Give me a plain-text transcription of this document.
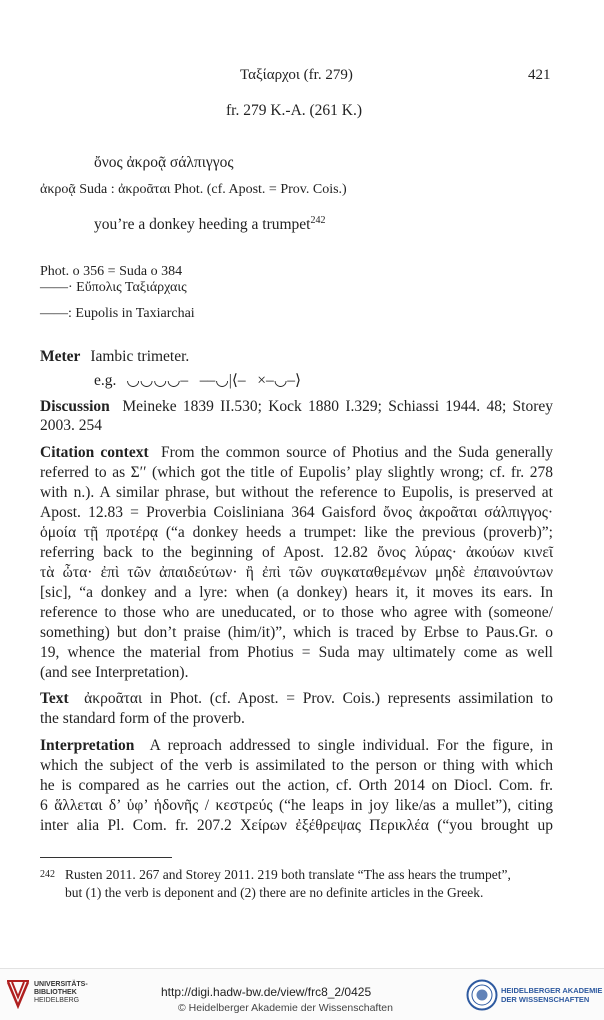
Ταξίαρχοι (fr. 279)	421
fr. 279 K.-A. (261 K.)
ὄνος ἀκροᾷ σάλπιγγος
ἀκροᾷ Suda : ἀκροᾶται Phot. (cf. Apost. = Prov. Cois.)
you’re a donkey heeding a trumpet$^{242}$
Phot. o 356 = Suda o 384
——· Εὔπολις Ταξιάρχαις
——: Eupolis in Taxiarchai
Meter Iambic trimeter.
e.g. ◡◡◡◡–   ––◡|⟨–   ×–◡–⟩
Discussion Meineke 1839 II.530; Kock 1880 I.329; Schiassi 1944. 48; Storey
2003. 254
Citation context From the common source of Photius and the Suda generally
referred to as Σ′′ (which got the title of Eupolis’ play slightly wrong; cf. fr. 278
with n.). A similar phrase, but without the reference to Eupolis, is preserved at
Apost. 12.83 = Proverbia Coisliniana 364 Gaisford ὄνος ἀκροᾶται σάλπιγγος·
ὁμοία τῇ προτέρᾳ (“a donkey heeds a trumpet: like the previous (proverb)”;
referring back to the beginning of Apost. 12.82 ὄνος λύρας· ἀκούων κινεῖ
τὰ ὦτα· ἐπὶ τῶν ἀπαιδεύτων· ἢ ἐπὶ τῶν συγκαταθεμένων μηδὲ ἐπαινούντων
[sic], “a donkey and a lyre: when (a donkey) hears it, it moves its ears. In
reference to those who are uneducated, or to those who agree with (someone/
something) but don’t praise (him/it)”, which is traced by Erbse to Paus.Gr. o
19, whence the material from Photius = Suda may ultimately come as well
(and see Interpretation).
Text ἀκροᾶται in Phot. (cf. Apost. = Prov. Cois.) represents assimilation to
the standard form of the proverb.
Interpretation A reproach addressed to single individual. For the figure, in
which the subject of the verb is assimilated to the person or thing with which
he is compared as he carries out the action, cf. Orth 2014 on Diocl. Com. fr.
6 ἅλλεται δ’ ὑφ’ ἡδονῆς / κεστρεύς (“he leaps in joy like/as a mullet”), citing
inter alia Pl. Com. fr. 207.2 Χείρων ἐξέθρεψας Περικλέα (“you brought up
$^{242}$ Rusten 2011. 267 and Storey 2011. 219 both translate “The ass hears the trumpet”,
but (1) the verb is deponent and (2) there are no definite articles in the Greek.
UNIVERSITÄTS-
BIBLIOTHEK
HEIDELBERG
http://digi.hadw-bw.de/view/frc8_2/0425
© Heidelberger Akademie der Wissenschaften
HEIDELBERGER AKADEMIE
DER WISSENSCHAFTEN
